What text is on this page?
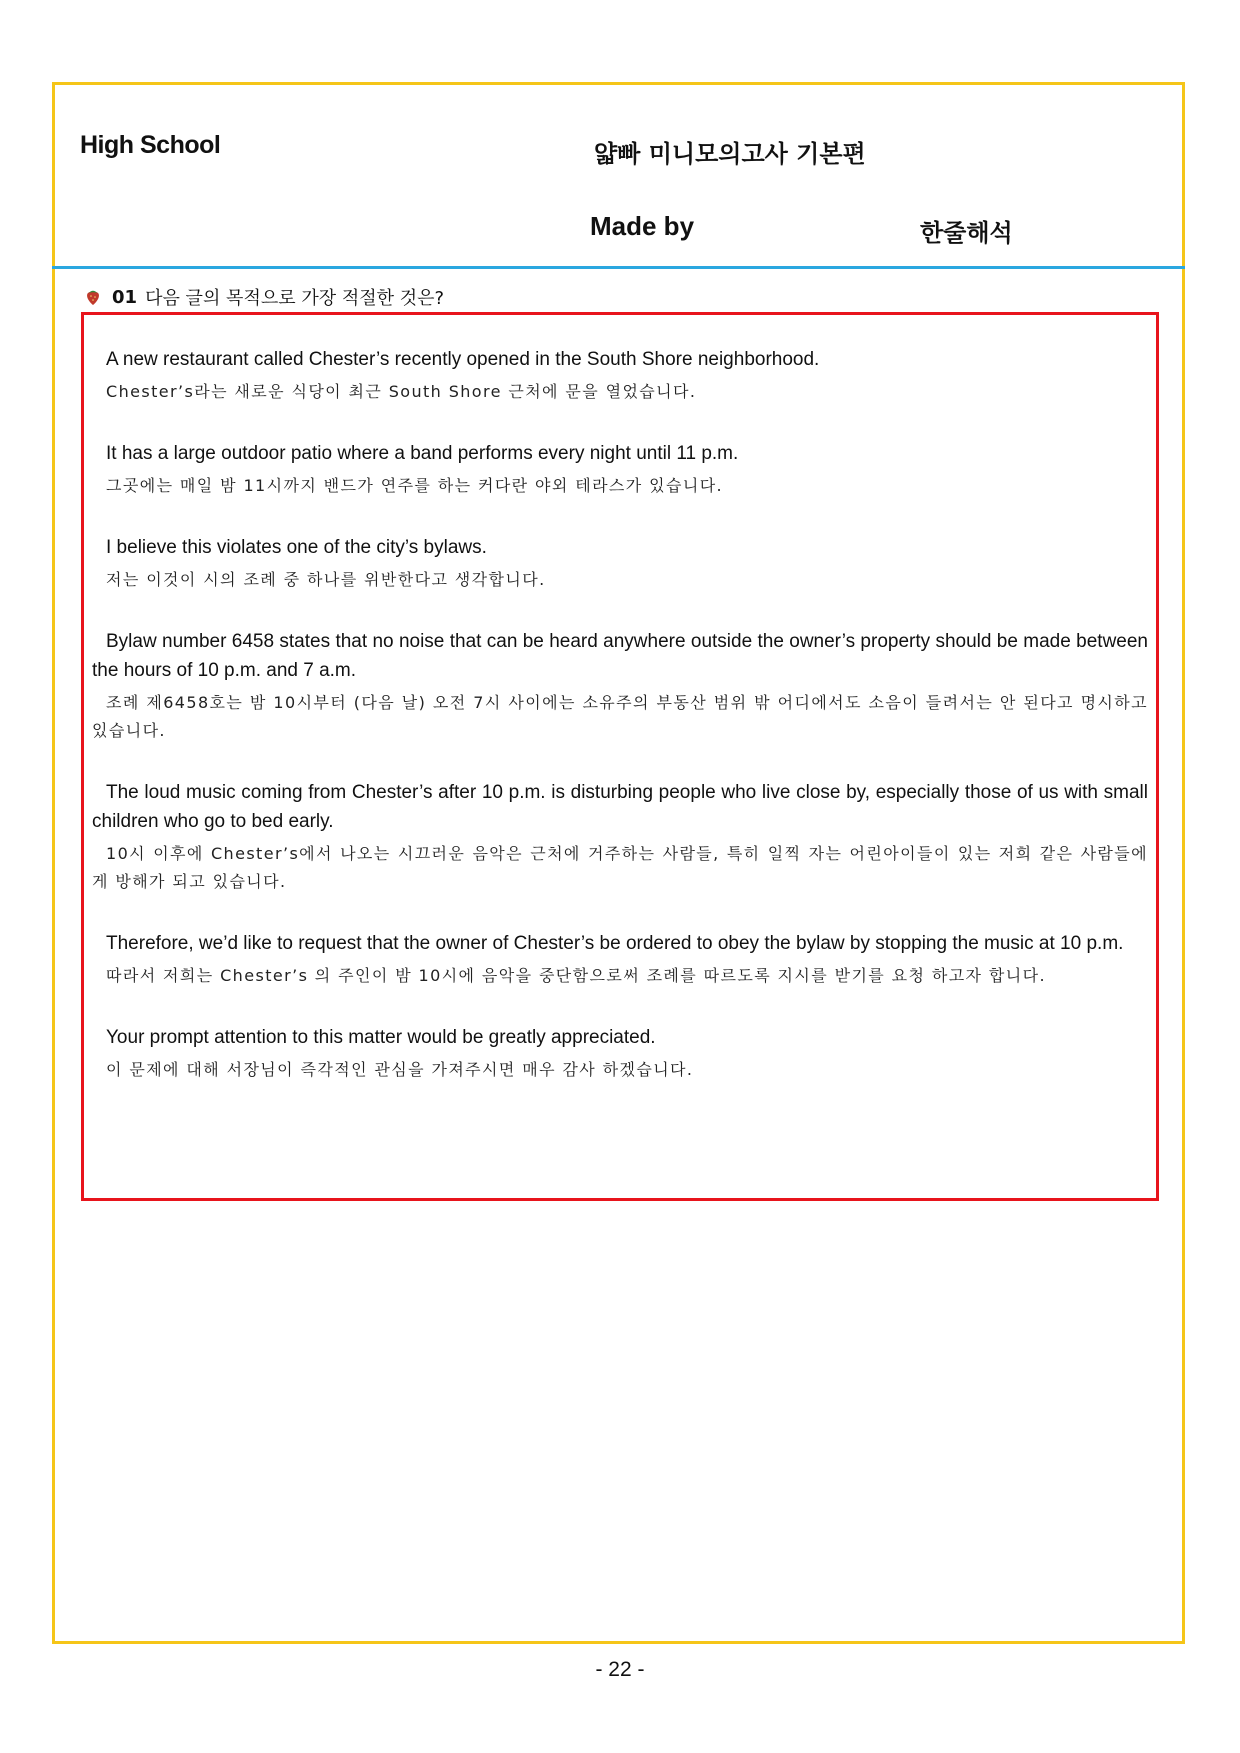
High School	얇빠 미니모의고사 기본편
Made by	한줄해석
01 다음 글의 목적으로 가장 적절한 것은?

A new restaurant called Chester’s recently opened in the South Shore neighborhood.

Chester’s라는 새로운 식당이 최근 South Shore 근처에 문을 열었습니다.

It has a large outdoor patio where a band performs every night until 11 p.m.

그곳에는 매일 밤 11시까지 밴드가 연주를 하는 커다란 야외 테라스가 있습니다.

I believe this violates one of the city’s bylaws.

저는 이것이 시의 조례 중 하나를 위반한다고 생각합니다.

Bylaw number 6458 states that no noise that can be heard anywhere outside the owner’s property should be made between the hours of 10 p.m. and 7 a.m.

조례 제6458호는 밤 10시부터 (다음 날) 오전 7시 사이에는 소유주의 부동산 범위 밖 어디에서도 소음이 들려서는 안 된다고 명시하고 있습니다.

The loud music coming from Chester’s after 10 p.m. is disturbing people who live close by, especially those of us with small children who go to bed early.

10시 이후에 Chester’s에서 나오는 시끄러운 음악은 근처에 거주하는 사람들, 특히 일찍 자는 어린아이들이 있는 저희 같은 사람들에게 방해가 되고 있습니다.

Therefore, we’d like to request that the owner of Chester’s be ordered to obey the bylaw by stopping the music at 10 p.m.

따라서 저희는 Chester’s 의 주인이 밤 10시에 음악을 중단함으로써 조례를 따르도록 지시를 받기를 요청 하고자 합니다.

Your prompt attention to this matter would be greatly appreciated.

이 문제에 대해 서장님이 즉각적인 관심을 가져주시면 매우 감사 하겠습니다.

- 22 -
